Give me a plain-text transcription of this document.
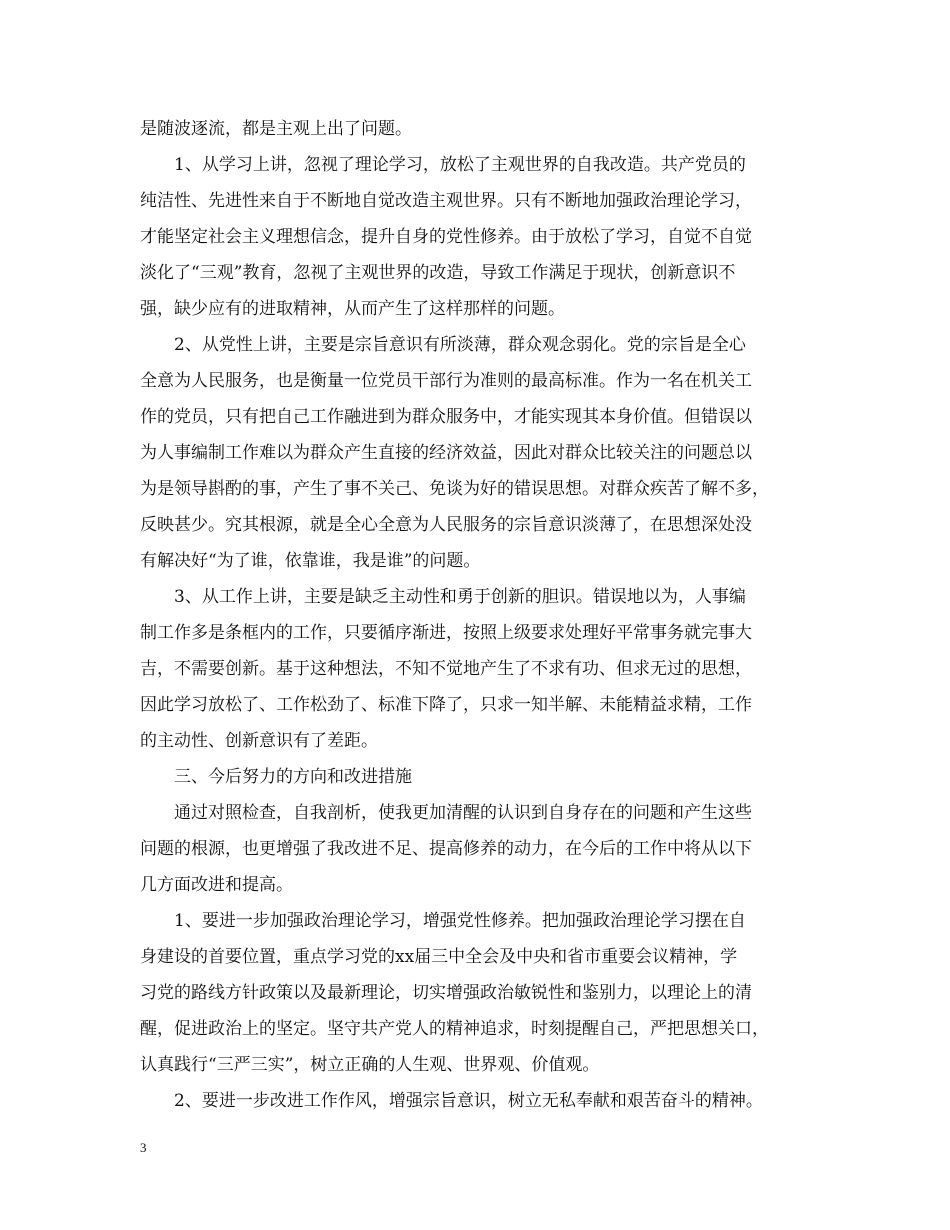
是随波逐流，都是主观上出了问题。
1、从学习上讲，忽视了理论学习，放松了主观世界的自我改造。共产党员的
纯洁性、先进性来自于不断地自觉改造主观世界。只有不断地加强政治理论学习，
才能坚定社会主义理想信念，提升自身的党性修养。由于放松了学习，自觉不自觉
淡化了“三观”教育，忽视了主观世界的改造，导致工作满足于现状，创新意识不
强，缺少应有的进取精神，从而产生了这样那样的问题。
2、从党性上讲，主要是宗旨意识有所淡薄，群众观念弱化。党的宗旨是全心
全意为人民服务，也是衡量一位党员干部行为准则的最高标准。作为一名在机关工
作的党员，只有把自己工作融进到为群众服务中，才能实现其本身价值。但错误以
为人事编制工作难以为群众产生直接的经济效益，因此对群众比较关注的问题总以
为是领导斟酌的事，产生了事不关己、免谈为好的错误思想。对群众疾苦了解不多，
反映甚少。究其根源，就是全心全意为人民服务的宗旨意识淡薄了，在思想深处没
有解决好“为了谁，依靠谁，我是谁”的问题。
3、从工作上讲，主要是缺乏主动性和勇于创新的胆识。错误地以为，人事编
制工作多是条框内的工作，只要循序渐进，按照上级要求处理好平常事务就完事大
吉，不需要创新。基于这种想法，不知不觉地产生了不求有功、但求无过的思想，
因此学习放松了、工作松劲了、标准下降了，只求一知半解、未能精益求精，工作
的主动性、创新意识有了差距。
三、今后努力的方向和改进措施
通过对照检查，自我剖析，使我更加清醒的认识到自身存在的问题和产生这些
问题的根源，也更增强了我改进不足、提高修养的动力，在今后的工作中将从以下
几方面改进和提高。
1、要进一步加强政治理论学习，增强党性修养。把加强政治理论学习摆在自
身建设的首要位置，重点学习党的xx届三中全会及中央和省市重要会议精神，学
习党的路线方针政策以及最新理论，切实增强政治敏锐性和鉴别力，以理论上的清
醒，促进政治上的坚定。坚守共产党人的精神追求，时刻提醒自己，严把思想关口，
认真践行“三严三实”，树立正确的人生观、世界观、价值观。
2、要进一步改进工作作风，增强宗旨意识，树立无私奉献和艰苦奋斗的精神。
3
